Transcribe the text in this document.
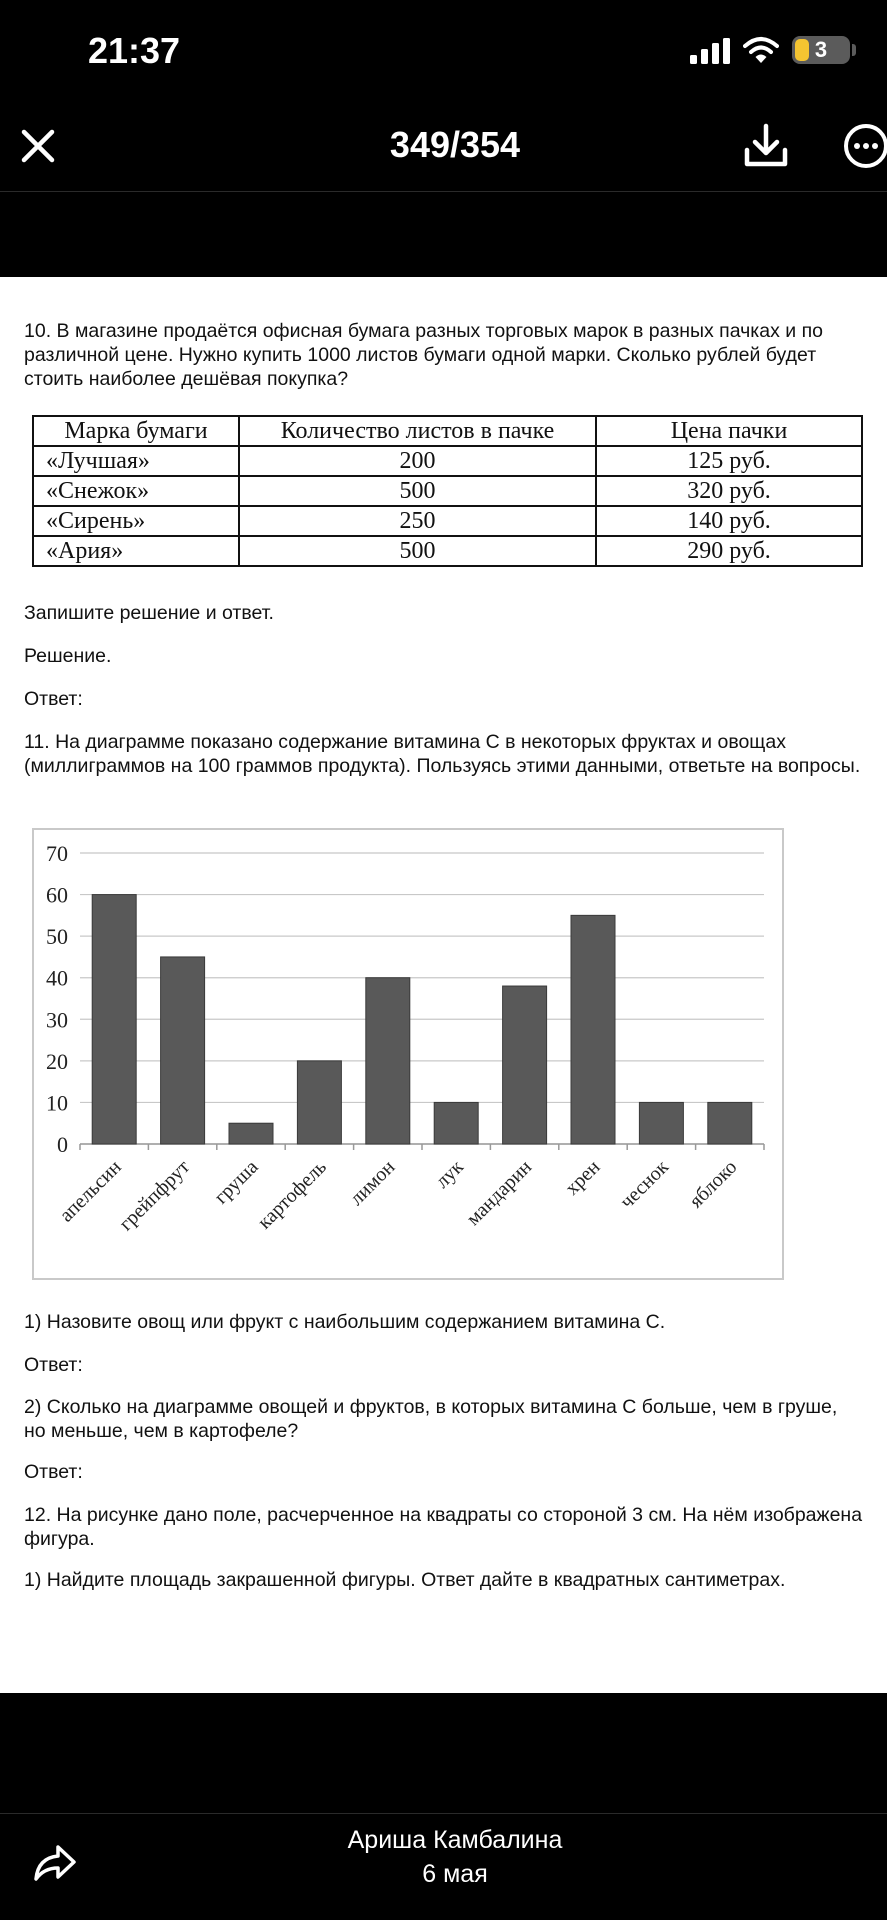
21:37	3
349/354

10. В магазине продаётся офисная бумага разных торговых марок в разных пачках и по различной цене. Нужно купить 1000 листов бумаги одной марки. Сколько рублей будет стоить наиболее дешёвая покупка?

Марка бумаги	Количество листов в пачке	Цена пачки
«Лучшая»	200	125 руб.
«Снежок»	500	320 руб.
«Сирень»	250	140 руб.
«Ария»	500	290 руб.

Запишите решение и ответ.

Решение.

Ответ:

11. На диаграмме показано содержание витамина С в некоторых фруктах и овощах (миллиграммов на 100 граммов продукта). Пользуясь этими данными, ответьте на вопросы.

0
10
20
30
40
50
60
70
апельсин
грейпфрут груша
картофель лимон лук
мандарин хрен чеснок яблоко

1) Назовите овощ или фрукт с наибольшим содержанием витамина С.

Ответ:

2) Сколько на диаграмме овощей и фруктов, в которых витамина С больше, чем в груше, но меньше, чем в картофеле?

Ответ:

12. На рисунке дано поле, расчерченное на квадраты со стороной 3 см. На нём изображена фигура.

1) Найдите площадь закрашенной фигуры. Ответ дайте в квадратных сантиметрах.

Ариша Камбалина
6 мая
